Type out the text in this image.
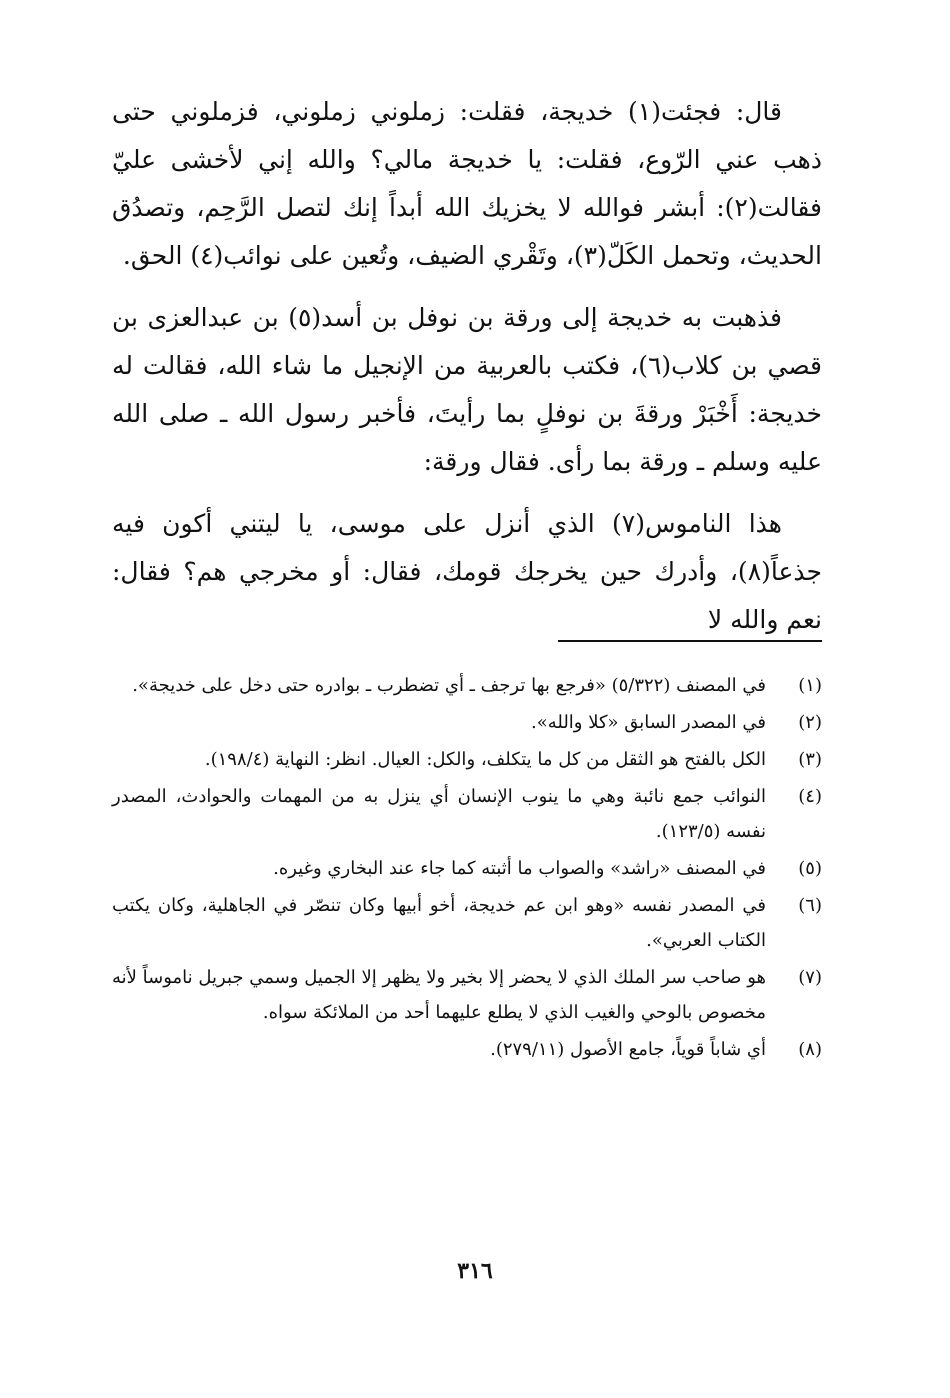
قال: فجئت(١) خديجة، فقلت: زملوني زملوني، فزملوني حتى ذهب عني الرّوع، فقلت: يا خديجة مالي؟ والله إني لأخشى عليّ فقالت(٢): أبشر فوالله لا يخزيك الله أبداً إنك لتصل الرَّحِم، وتصدُق الحديث، وتحمل الكَلّ(٣)، وتَقْري الضيف، وتُعين على نوائب(٤) الحق.

فذهبت به خديجة إلى ورقة بن نوفل بن أسد(٥) بن عبدالعزى بن قصي بن كلاب(٦)، فكتب بالعربية من الإنجيل ما شاء الله، فقالت له خديجة: أَخْبَرْ ورقةَ بن نوفلٍ بما رأيتَ، فأخبر رسول الله ـ صلى الله عليه وسلم ـ ورقة بما رأى. فقال ورقة:

هذا الناموس(٧) الذي أنزل على موسى، يا ليتني أكون فيه جذعاً(٨)، وأدرك حين يخرجك قومك، فقال: أو مخرجي هم؟ فقال: نعم والله لا

(١)
في المصنف (٥/٣٢٢) «فرجع بها ترجف ـ أي تضطرب ـ بوادره حتى دخل على خديجة».
(٢)
في المصدر السابق «كلا والله».
(٣)
الكل بالفتح هو الثقل من كل ما يتكلف، والكل: العيال. انظر: النهاية (١٩٨/٤).
(٤)
النوائب جمع نائبة وهي ما ينوب الإنسان أي ينزل به من المهمات والحوادث، المصدر نفسه (١٢٣/٥).
(٥)
في المصنف «راشد» والصواب ما أثبته كما جاء عند البخاري وغيره.
(٦)
في المصدر نفسه «وهو ابن عم خديجة، أخو أبيها وكان تنصّر في الجاهلية، وكان يكتب الكتاب العربي».
(٧)
هو صاحب سر الملك الذي لا يحضر إلا بخير ولا يظهر إلا الجميل وسمي جبريل ناموساً لأنه مخصوص بالوحي والغيب الذي لا يطلع عليهما أحد من الملائكة سواه.
(٨)
أي شاباً قوياً، جامع الأصول (٢٧٩/١١).
٣١٦
